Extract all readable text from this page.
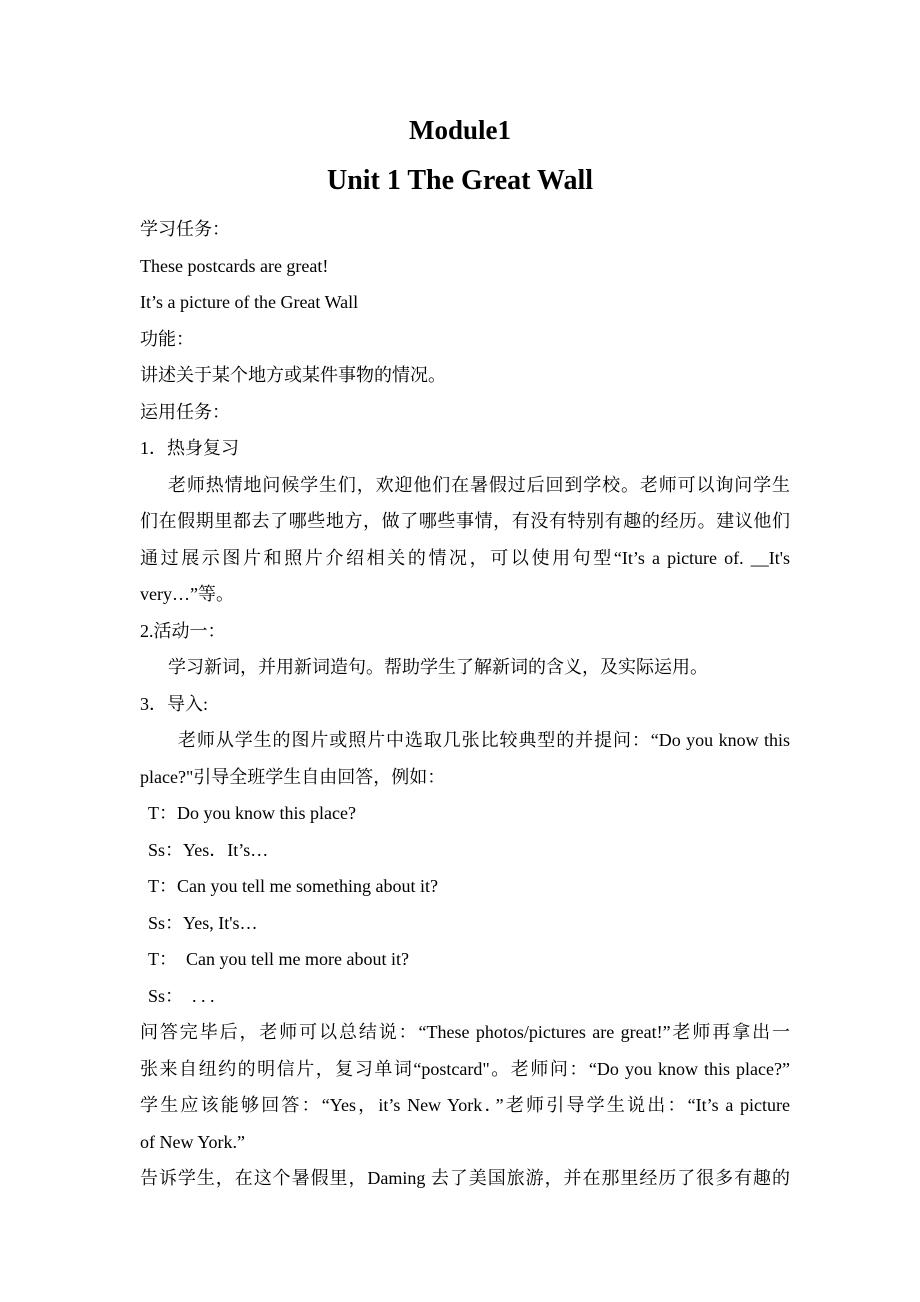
Module1
Unit 1 The Great Wall
学习任务：
These postcards are great!
It’s a picture of the Great Wall
功能：
讲述关于某个地方或某件事物的情况。
运用任务：
1．热身复习
老师热情地问候学生们，欢迎他们在暑假过后回到学校。老师可以询问学生
们在假期里都去了哪些地方，做了哪些事情，有没有特别有趣的经历。建议他们
通过展示图片和照片介绍相关的情况，可以使用句型“It’s a picture of. __It's
very…”等。
2.活动一：
学习新词，并用新词造句。帮助学生了解新词的含义，及实际运用。
3．导入:
老师从学生的图片或照片中选取几张比较典型的并提问：“Do you know this
place?"引导全班学生自由回答，例如：
T：Do you know this place?
Ss：Yes．It’s…
T：Can you tell me something about it?
Ss：Yes, It's…
T：  Can you tell me more about it?
Ss：  . . .
问答完毕后，老师可以总结说：“These photos/pictures are great!”老师再拿出一
张来自纽约的明信片，复习单词“postcard"。老师问：“Do you know this place?”
学生应该能够回答：“Yes，it’s New York．”老师引导学生说出：“It’s a picture
of New York.”
告诉学生，在这个暑假里，Daming 去了美国旅游，并在那里经历了很多有趣的
